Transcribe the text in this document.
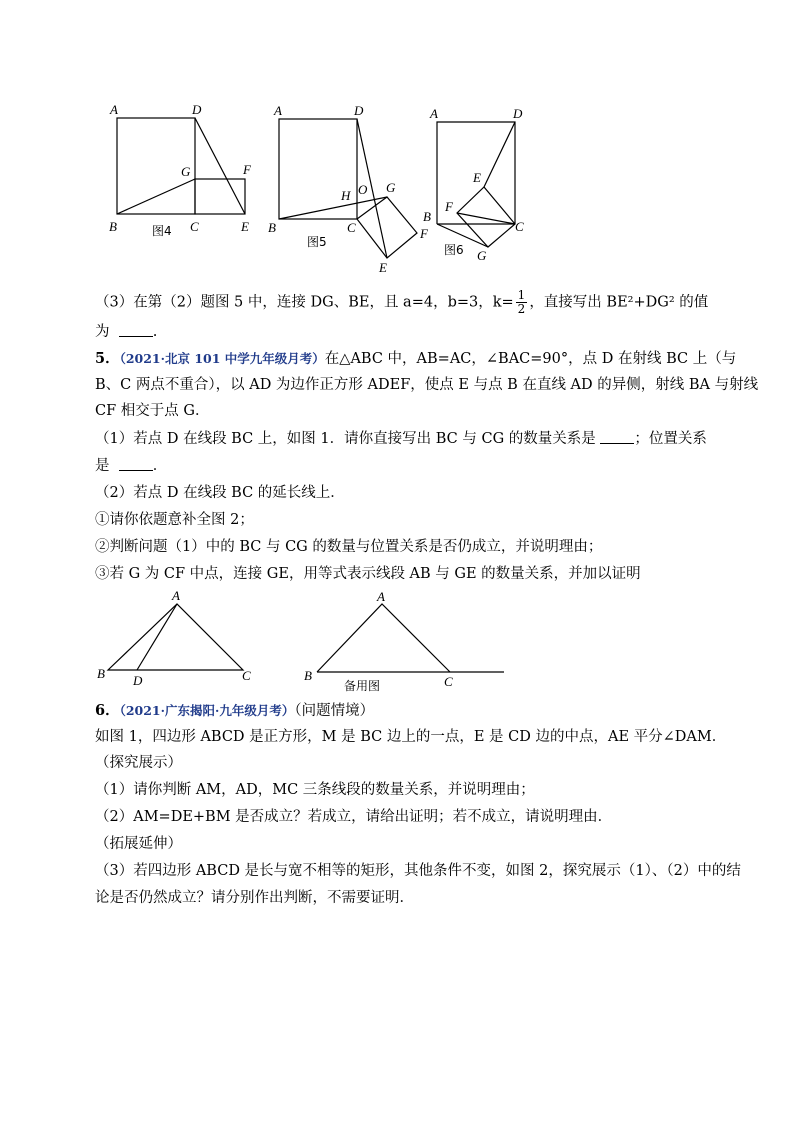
A	D
G	F
B	C	E
图4
A	D
H O G
B	C	F
E
图5
A	D
E
B
F
C
G
图6
（3）在第（2）题图 5 中，连接 DG、BE，且 a=4，b=3，$k= \frac{1}{2}$ ，直接写出 BE²+DG² 的值
为	.
5．（2021·北京 101 中学九年级月考）在△ABC 中，AB=AC，∠BAC=90°，点 D 在射线 BC 上（与
B、C 两点不重合），以 AD 为边作正方形 ADEF，使点 E 与点 B 在直线 AD 的异侧，射线 BA 与射线
CF 相交于点 G．
（1）若点 D 在线段 BC 上，如图 1．请你直接写出 BC 与 CG 的数量关系是	；位置关系
是	．
（2）若点 D 在线段 BC 的延长线上．
①请你依题意补全图 2；
②判断问题（1）中的 BC 与 CG 的数量与位置关系是否仍成立，并说明理由；
③若 G 为 CF 中点，连接 GE，用等式表示线段 AB 与 GE 的数量关系，并加以证明
A
B D	C
A
B	C
备用图
6．（2021·广东揭阳·九年级月考）（问题情境）
如图 1，四边形 ABCD 是正方形，M 是 BC 边上的一点，E 是 CD 边的中点，AE 平分∠DAM．
（探究展示）
（1）请你判断 AM，AD，MC 三条线段的数量关系，并说明理由；
（2）AM=DE+BM 是否成立？若成立，请给出证明；若不成立，请说明理由．
（拓展延伸）
（3）若四边形 ABCD 是长与宽不相等的矩形，其他条件不变，如图 2，探究展示（1）、（2）中的结
论是否仍然成立？请分别作出判断，不需要证明．
